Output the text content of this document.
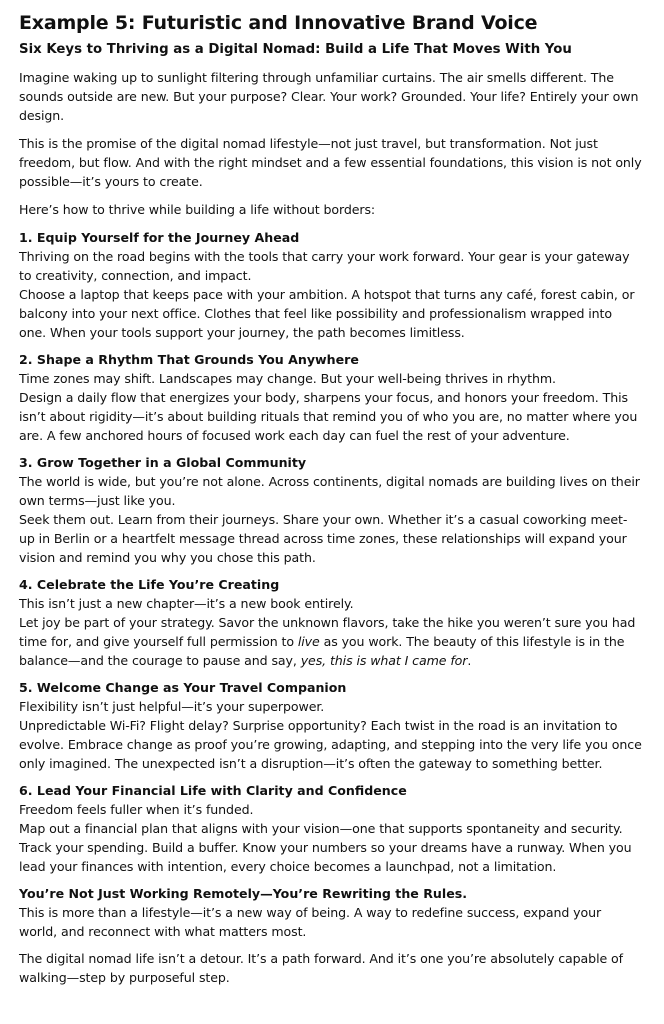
Example 5: Futuristic and Innovative Brand Voice
Six Keys to Thriving as a Digital Nomad: Build a Life That Moves With You

Imagine waking up to sunlight filtering through unfamiliar curtains. The air smells different. The sounds outside are new. But your purpose? Clear. Your work? Grounded. Your life? Entirely your own design.

This is the promise of the digital nomad lifestyle—not just travel, but transformation. Not just freedom, but flow. And with the right mindset and a few essential foundations, this vision is not only possible—it’s yours to create.

Here’s how to thrive while building a life without borders:

1. Equip Yourself for the Journey Ahead

Thriving on the road begins with the tools that carry your work forward. Your gear is your gateway to creativity, connection, and impact.

Choose a laptop that keeps pace with your ambition. A hotspot that turns any café, forest cabin, or balcony into your next office. Clothes that feel like possibility and professionalism wrapped into one. When your tools support your journey, the path becomes limitless.

2. Shape a Rhythm That Grounds You Anywhere

Time zones may shift. Landscapes may change. But your well-being thrives in rhythm.

Design a daily flow that energizes your body, sharpens your focus, and honors your freedom. This isn’t about rigidity—it’s about building rituals that remind you of who you are, no matter where you are. A few anchored hours of focused work each day can fuel the rest of your adventure.

3. Grow Together in a Global Community

The world is wide, but you’re not alone. Across continents, digital nomads are building lives on their own terms—just like you.

Seek them out. Learn from their journeys. Share your own. Whether it’s a casual coworking meet-up in Berlin or a heartfelt message thread across time zones, these relationships will expand your vision and remind you why you chose this path.

4. Celebrate the Life You’re Creating

This isn’t just a new chapter—it’s a new book entirely.

Let joy be part of your strategy. Savor the unknown flavors, take the hike you weren’t sure you had time for, and give yourself full permission to live as you work. The beauty of this lifestyle is in the balance—and the courage to pause and say, yes, this is what I came for.

5. Welcome Change as Your Travel Companion

Flexibility isn’t just helpful—it’s your superpower.

Unpredictable Wi-Fi? Flight delay? Surprise opportunity? Each twist in the road is an invitation to evolve. Embrace change as proof you’re growing, adapting, and stepping into the very life you once only imagined. The unexpected isn’t a disruption—it’s often the gateway to something better.

6. Lead Your Financial Life with Clarity and Confidence

Freedom feels fuller when it’s funded.

Map out a financial plan that aligns with your vision—one that supports spontaneity and security. Track your spending. Build a buffer. Know your numbers so your dreams have a runway. When you lead your finances with intention, every choice becomes a launchpad, not a limitation.

You’re Not Just Working Remotely—You’re Rewriting the Rules.

This is more than a lifestyle—it’s a new way of being. A way to redefine success, expand your world, and reconnect with what matters most.

The digital nomad life isn’t a detour. It’s a path forward. And it’s one you’re absolutely capable of walking—step by purposeful step.
